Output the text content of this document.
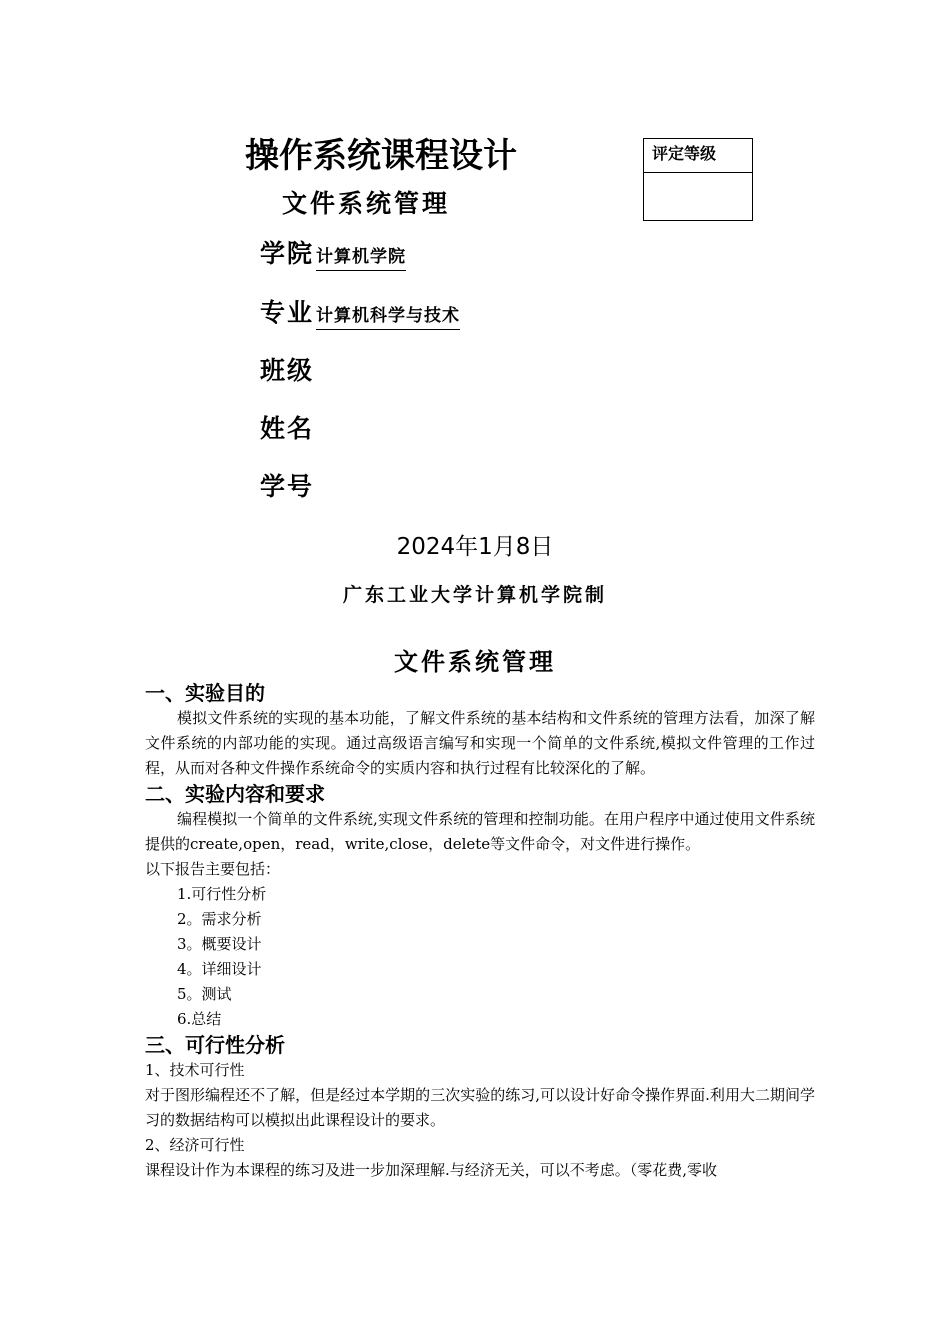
操作系统课程设计
文件系统管理
评定等级
学院 计算机学院
专业 计算机科学与技术
班级
姓名
学号
2024年1月8日
广东工业大学计算机学院制
文件系统管理

一、实验目的

模拟文件系统的实现的基本功能，了解文件系统的基本结构和文件系统的管理方法看，加深了解文件系统的内部功能的实现。通过高级语言编写和实现一个简单的文件系统,模拟文件管理的工作过程，从而对各种文件操作系统命令的实质内容和执行过程有比较深化的了解。

二、实验内容和要求

编程模拟一个简单的文件系统,实现文件系统的管理和控制功能。在用户程序中通过使用文件系统提供的create,open，read，write,close，delete等文件命令，对文件进行操作。

以下报告主要包括：

1.可行性分析

2。需求分析

3。概要设计

4。详细设计

5。测试

6.总结

三、可行性分析

1、技术可行性

对于图形编程还不了解，但是经过本学期的三次实验的练习,可以设计好命令操作界面.利用大二期间学习的数据结构可以模拟出此课程设计的要求。

2、经济可行性

课程设计作为本课程的练习及进一步加深理解.与经济无关，可以不考虑。（零花费,零收
